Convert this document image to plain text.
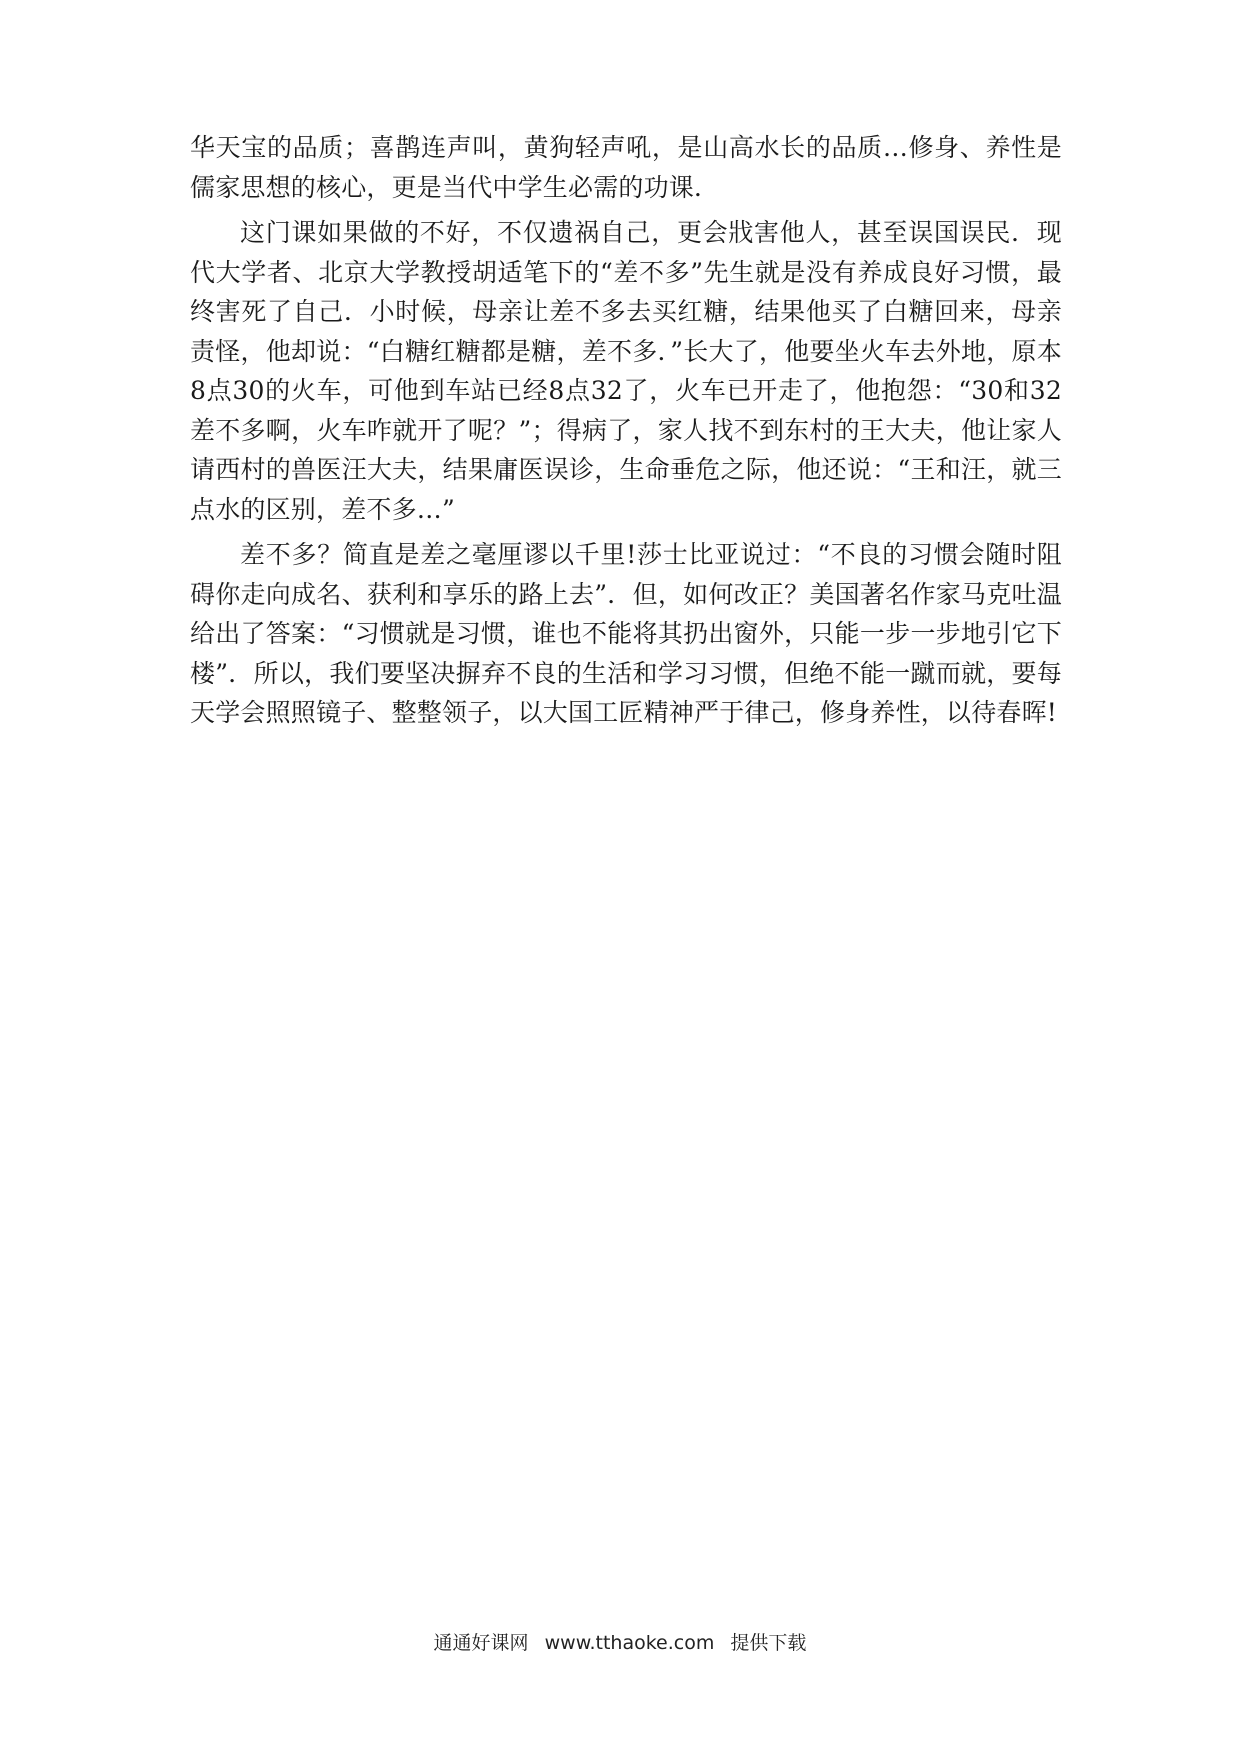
华天宝的品质；喜鹊连声叫，黄狗轻声吼，是山高水长的品质…修身、养性是儒家思想的核心，更是当代中学生必需的功课．

这门课如果做的不好，不仅遗祸自己，更会戕害他人，甚至误国误民．现代大学者、北京大学教授胡适笔下的“差不多”先生就是没有养成良好习惯，最终害死了自己．小时候，母亲让差不多去买红糖，结果他买了白糖回来，母亲责怪，他却说：“白糖红糖都是糖，差不多．”长大了，他要坐火车去外地，原本8点30的火车，可他到车站已经8点32了，火车已开走了，他抱怨：“30和32差不多啊，火车咋就开了呢？”；得病了，家人找不到东村的王大夫，他让家人请西村的兽医汪大夫，结果庸医误诊，生命垂危之际，他还说：“王和汪，就三点水的区别，差不多…”

差不多？简直是差之毫厘谬以千里!莎士比亚说过：“不良的习惯会随时阻碍你走向成名、获利和享乐的路上去”．但，如何改正？美国著名作家马克吐温给出了答案：“习惯就是习惯，谁也不能将其扔出窗外，只能一步一步地引它下楼”．所以，我们要坚决摒弃不良的生活和学习习惯，但绝不能一蹴而就，要每天学会照照镜子、整整领子，以大国工匠精神严于律己，修身养性，以待春晖!

通通好课网 www.tthaoke.com 提供下载
